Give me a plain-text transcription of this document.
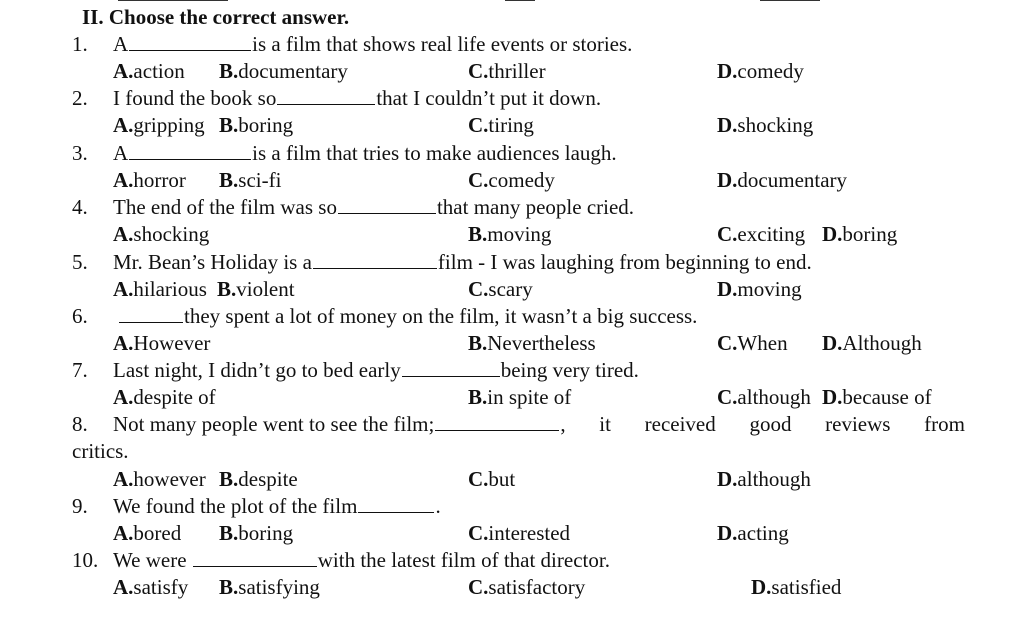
II. Choose the correct answer.
1. A	is a film that shows real life events or stories.
A.action B.documentary	C.thriller	D.comedy
2. I found the book so	that I couldn’t put it down.
A.gripping B.boring	C.tiring	D.shocking
3. A	is a film that tries to make audiences laugh.
A.horror B.sci-fi	C.comedy	D.documentary
4. The end of the film was so	that many people cried.
A.shocking	B.moving	C.exciting D.boring
5. Mr. Bean’s Holiday is a	film - I was laughing from beginning to end.
A.hilarious B.violent	C.scary	D.moving
6.	they spent a lot of money on the film, it wasn’t a big success.
A.However	B.Nevertheless	C.When D.Although
7. Last night, I didn’t go to bed early	being very tired.
A.despite of	B.in spite of	C.although D.because of
8. Not many people went to see the film;	, it received good reviews from
critics.
A.however B.despite	C.but	D.although
9. We found the plot of the film	.
A.bored B.boring	C.interested	D.acting
10. We were	with the latest film of that director.
A.satisfy B.satisfying	C.satisfactory	D.satisfied
